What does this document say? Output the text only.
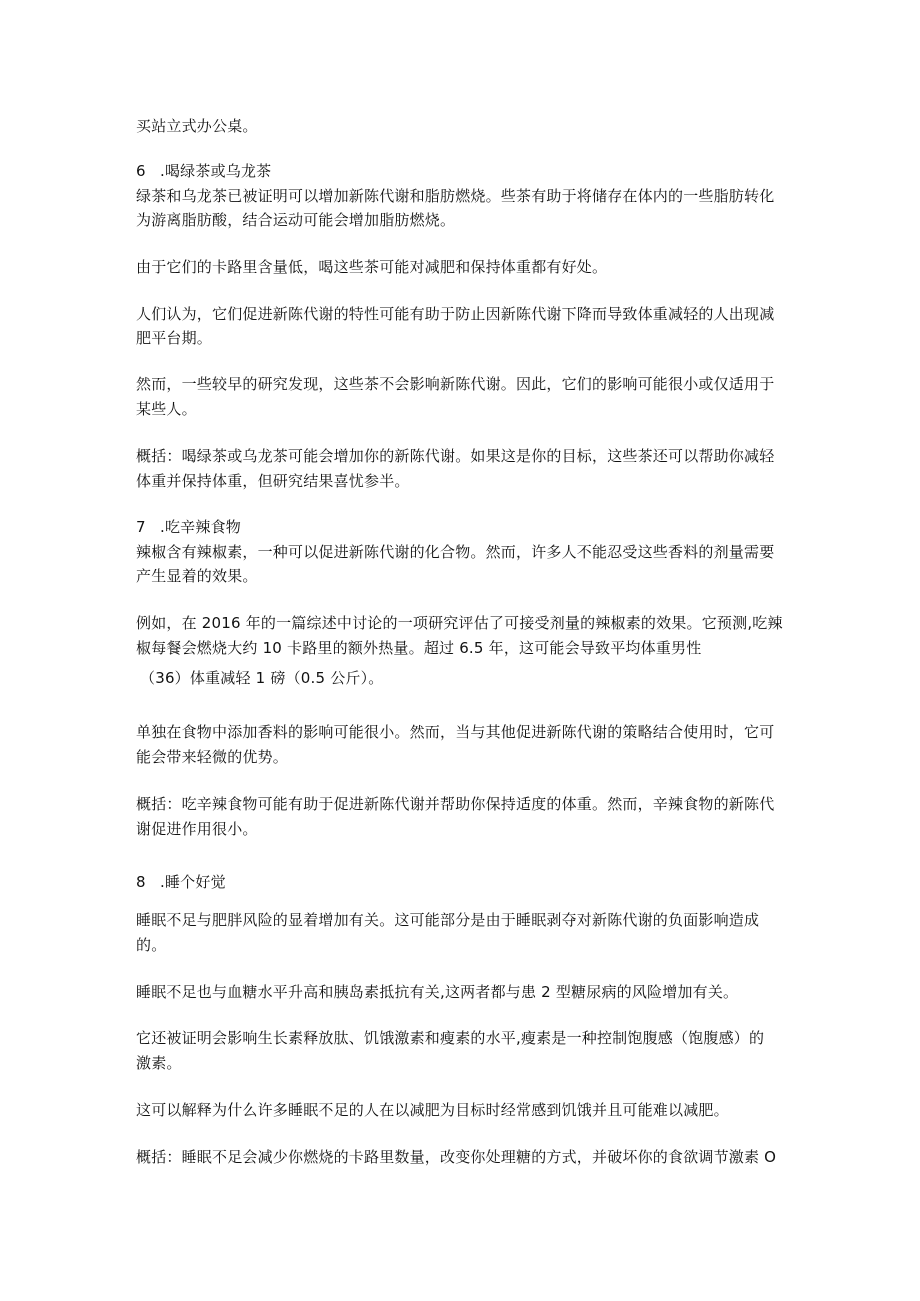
买站立式办公桌。

6 .喝绿茶或乌龙茶

绿茶和乌龙茶已被证明可以增加新陈代谢和脂肪燃烧。些茶有助于将储存在体内的一些脂肪转化

为游离脂肪酸，结合运动可能会增加脂肪燃烧。

由于它们的卡路里含量低，喝这些茶可能对减肥和保持体重都有好处。

人们认为，它们促进新陈代谢的特性可能有助于防止因新陈代谢下降而导致体重减轻的人出现减

肥平台期。

然而，一些较早的研究发现，这些茶不会影响新陈代谢。因此，它们的影响可能很小或仅适用于

某些人。

概括：喝绿茶或乌龙茶可能会增加你的新陈代谢。如果这是你的目标，这些茶还可以帮助你减轻

体重并保持体重，但研究结果喜忧参半。

7 .吃辛辣食物

辣椒含有辣椒素，一种可以促进新陈代谢的化合物。然而，许多人不能忍受这些香料的剂量需要

产生显着的效果。

例如，在 2016 年的一篇综述中讨论的一项研究评估了可接受剂量的辣椒素的效果。它预测,吃辣

椒每餐会燃烧大约 10 卡路里的额外热量。超过 6.5 年，这可能会导致平均体重男性

（36）体重减轻 1 磅（0.5 公斤）。

单独在食物中添加香料的影响可能很小。然而，当与其他促进新陈代谢的策略结合使用时，它可

能会带来轻微的优势。

概括：吃辛辣食物可能有助于促进新陈代谢并帮助你保持适度的体重。然而，辛辣食物的新陈代

谢促进作用很小。

8 .睡个好觉

睡眠不足与肥胖风险的显着增加有关。这可能部分是由于睡眠剥夺对新陈代谢的负面影响造成

的。

睡眠不足也与血糖水平升高和胰岛素抵抗有关,这两者都与患 2 型糖尿病的风险增加有关。

它还被证明会影响生长素释放肽、饥饿激素和瘦素的水平,瘦素是一种控制饱腹感（饱腹感）的

激素。

这可以解释为什么许多睡眠不足的人在以减肥为目标时经常感到饥饿并且可能难以减肥。

概括：睡眠不足会减少你燃烧的卡路里数量，改变你处理糖的方式，并破坏你的食欲调节激素 O
